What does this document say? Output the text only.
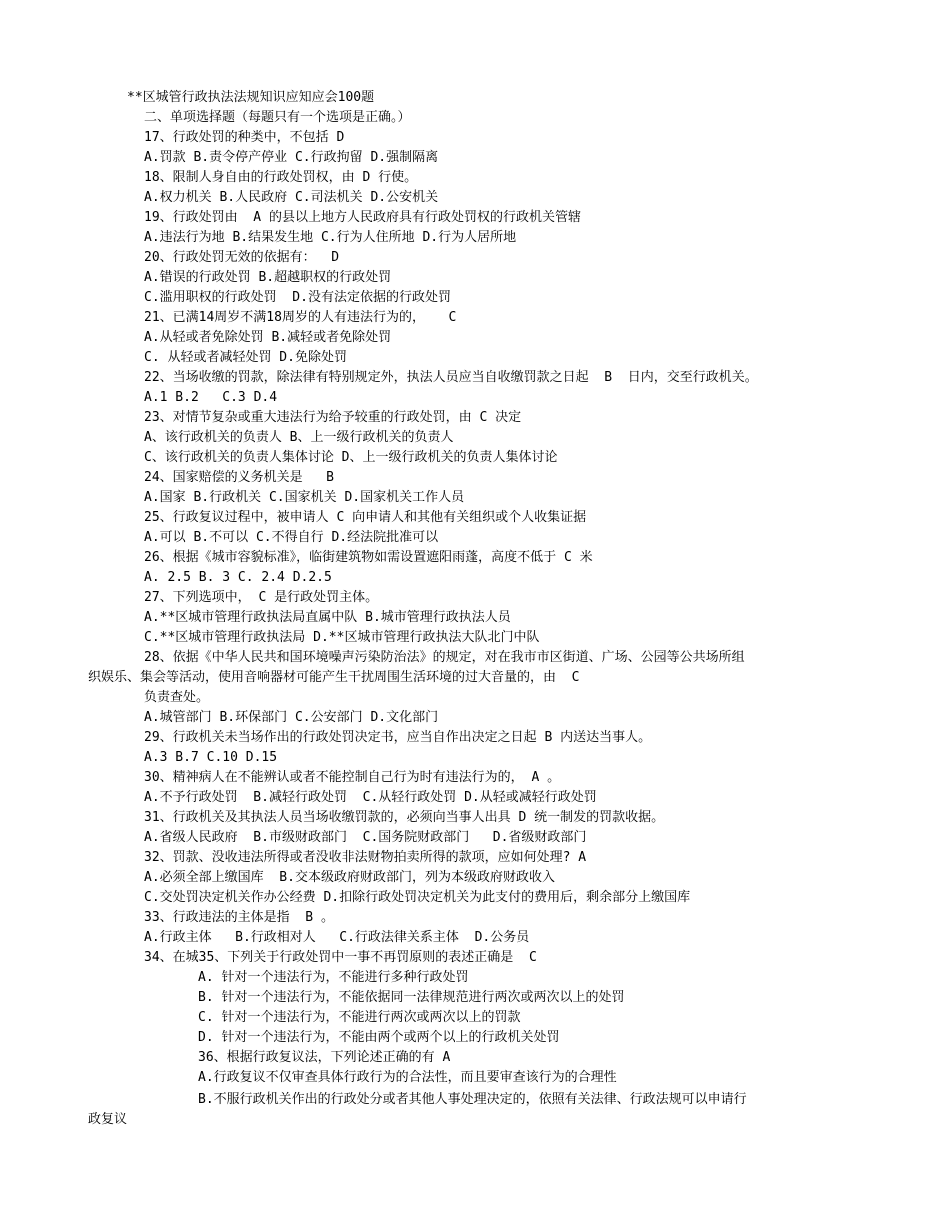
**区城管行政执法法规知识应知应会100题
二、单项选择题（每题只有一个选项是正确。）
17、行政处罚的种类中，不包括 D
A.罚款 B.责令停产停业 C.行政拘留 D.强制隔离
18、限制人身自由的行政处罚权，由 D 行使。
A.权力机关 B.人民政府 C.司法机关 D.公安机关
19、行政处罚由  A 的县以上地方人民政府具有行政处罚权的行政机关管辖
A.违法行为地 B.结果发生地 C.行为人住所地 D.行为人居所地
20、行政处罚无效的依据有：  D
A.错误的行政处罚 B.超越职权的行政处罚
C.滥用职权的行政处罚  D.没有法定依据的行政处罚
21、已满14周岁不满18周岁的人有违法行为的，   C
A.从轻或者免除处罚 B.减轻或者免除处罚
C. 从轻或者减轻处罚 D.免除处罚
22、当场收缴的罚款，除法律有特别规定外，执法人员应当自收缴罚款之日起  B  日内，交至行政机关。
A.1 B.2   C.3 D.4
23、对情节复杂或重大违法行为给予较重的行政处罚，由 C 决定
A、该行政机关的负责人 B、上一级行政机关的负责人
C、该行政机关的负责人集体讨论 D、上一级行政机关的负责人集体讨论
24、国家赔偿的义务机关是   B
A.国家 B.行政机关 C.国家机关 D.国家机关工作人员
25、行政复议过程中，被申请人 C 向申请人和其他有关组织或个人收集证据
A.可以 B.不可以 C.不得自行 D.经法院批准可以
26、根据《城市容貌标准》，临街建筑物如需设置遮阳雨蓬，高度不低于 C 米
A. 2.5 B. 3 C. 2.4 D.2.5
27、下列选项中， C 是行政处罚主体。
A.**区城市管理行政执法局直属中队 B.城市管理行政执法人员
C.**区城市管理行政执法局 D.**区城市管理行政执法大队北门中队
28、依据《中华人民共和国环境噪声污染防治法》的规定，对在我市市区街道、广场、公园等公共场所组
织娱乐、集会等活动，使用音响器材可能产生干扰周围生活环境的过大音量的，由  C
负责查处。
A.城管部门 B.环保部门 C.公安部门 D.文化部门
29、行政机关未当场作出的行政处罚决定书，应当自作出决定之日起 B 内送达当事人。
A.3 B.7 C.10 D.15
30、精神病人在不能辨认或者不能控制自己行为时有违法行为的， A 。
A.不予行政处罚  B.减轻行政处罚  C.从轻行政处罚 D.从轻或减轻行政处罚
31、行政机关及其执法人员当场收缴罚款的，必须向当事人出具 D 统一制发的罚款收据。
A.省级人民政府  B.市级财政部门  C.国务院财政部门   D.省级财政部门
32、罚款、没收违法所得或者没收非法财物拍卖所得的款项，应如何处理? A
A.必须全部上缴国库  B.交本级政府财政部门，列为本级政府财政收入
C.交处罚决定机关作办公经费 D.扣除行政处罚决定机关为此支付的费用后，剩余部分上缴国库
33、行政违法的主体是指  B 。
A.行政主体   B.行政相对人   C.行政法律关系主体  D.公务员
34、在城35、下列关于行政处罚中一事不再罚原则的表述正确是  C
A. 针对一个违法行为，不能进行多种行政处罚
B. 针对一个违法行为，不能依据同一法律规范进行两次或两次以上的处罚
C. 针对一个违法行为，不能进行两次或两次以上的罚款
D. 针对一个违法行为，不能由两个或两个以上的行政机关处罚
36、根据行政复议法，下列论述正确的有 A
A.行政复议不仅审查具体行政行为的合法性，而且要审查该行为的合理性
B.不服行政机关作出的行政处分或者其他人事处理决定的，依照有关法律、行政法规可以申请行
政复议
